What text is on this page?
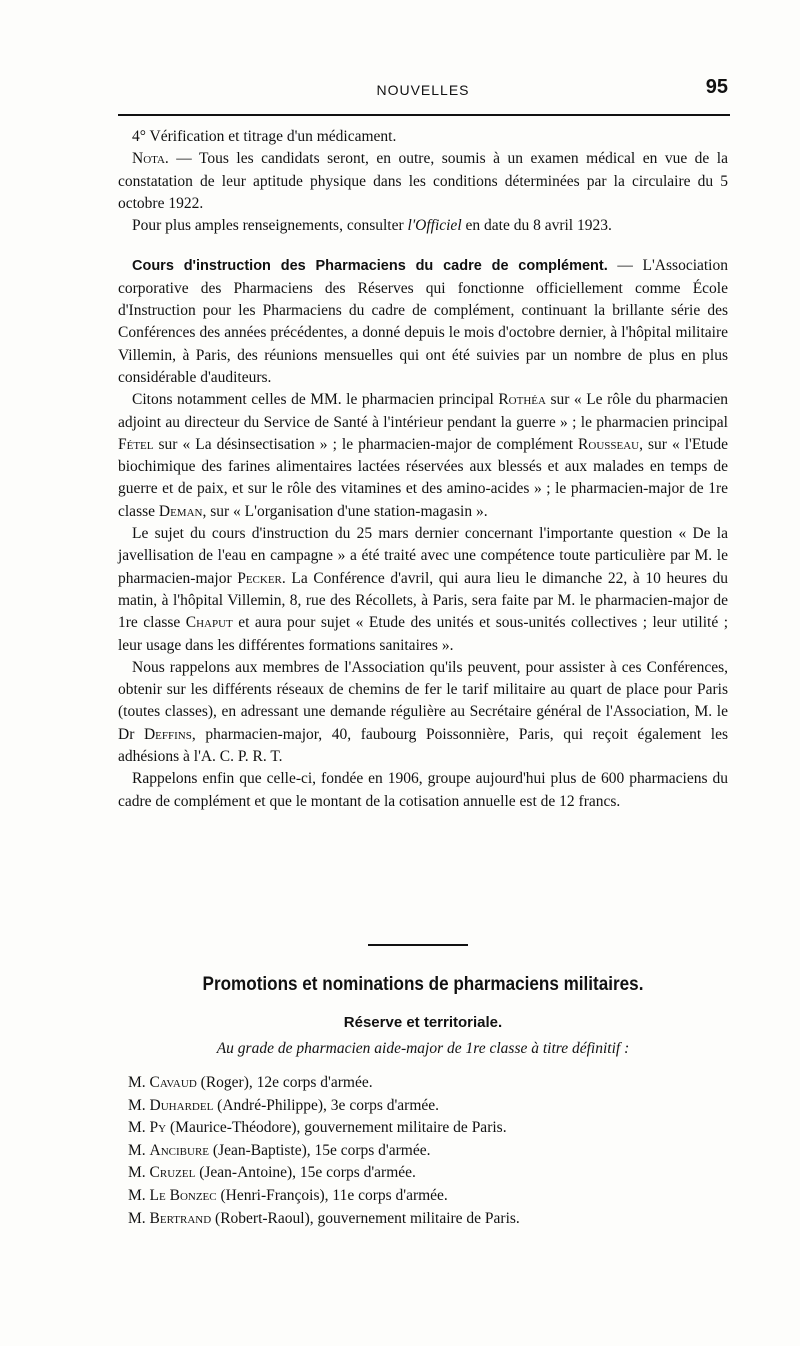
NOUVELLES	95

4° Vérification et titrage d'un médicament.

Nota. — Tous les candidats seront, en outre, soumis à un examen médical en vue de la constatation de leur aptitude physique dans les conditions déterminées par la circulaire du 5 octobre 1922.

Pour plus amples renseignements, consulter l'Officiel en date du 8 avril 1923.

Cours d'instruction des Pharmaciens du cadre de complément. — L'Association corporative des Pharmaciens des Réserves qui fonctionne officiellement comme École d'Instruction pour les Pharmaciens du cadre de complément, continuant la brillante série des Conférences des années précédentes, a donné depuis le mois d'octobre dernier, à l'hôpital militaire Villemin, à Paris, des réunions mensuelles qui ont été suivies par un nombre de plus en plus considérable d'auditeurs.

Citons notamment celles de MM. le pharmacien principal Rothéa sur « Le rôle du pharmacien adjoint au directeur du Service de Santé à l'intérieur pendant la guerre » ; le pharmacien principal Fétel sur « La désinsectisation » ; le pharmacien-major de complément Rousseau, sur « l'Etude biochimique des farines alimentaires lactées réservées aux blessés et aux malades en temps de guerre et de paix, et sur le rôle des vitamines et des amino-acides » ; le pharmacien-major de 1re classe Deman, sur « L'organisation d'une station-magasin ».

Le sujet du cours d'instruction du 25 mars dernier concernant l'importante question « De la javellisation de l'eau en campagne » a été traité avec une compétence toute particulière par M. le pharmacien-major Pecker. La Conférence d'avril, qui aura lieu le dimanche 22, à 10 heures du matin, à l'hôpital Villemin, 8, rue des Récollets, à Paris, sera faite par M. le pharmacien-major de 1re classe Chaput et aura pour sujet « Etude des unités et sous-unités collectives ; leur utilité ; leur usage dans les différentes formations sanitaires ».

Nous rappelons aux membres de l'Association qu'ils peuvent, pour assister à ces Conférences, obtenir sur les différents réseaux de chemins de fer le tarif militaire au quart de place pour Paris (toutes classes), en adressant une demande régulière au Secrétaire général de l'Association, M. le Dr Deffins, pharmacien-major, 40, faubourg Poissonnière, Paris, qui reçoit également les adhésions à l'A. C. P. R. T.

Rappelons enfin que celle-ci, fondée en 1906, groupe aujourd'hui plus de 600 pharmaciens du cadre de complément et que le montant de la cotisation annuelle est de 12 francs.

Promotions et nominations de pharmaciens militaires.
Réserve et territoriale.
Au grade de pharmacien aide-major de 1re classe à titre définitif :
M. Cavaud (Roger), 12e corps d'armée.
M. Duhardel (André-Philippe), 3e corps d'armée.
M. Py (Maurice-Théodore), gouvernement militaire de Paris.
M. Ancibure (Jean-Baptiste), 15e corps d'armée.
M. Cruzel (Jean-Antoine), 15e corps d'armée.
M. Le Bonzec (Henri-François), 11e corps d'armée.
M. Bertrand (Robert-Raoul), gouvernement militaire de Paris.
